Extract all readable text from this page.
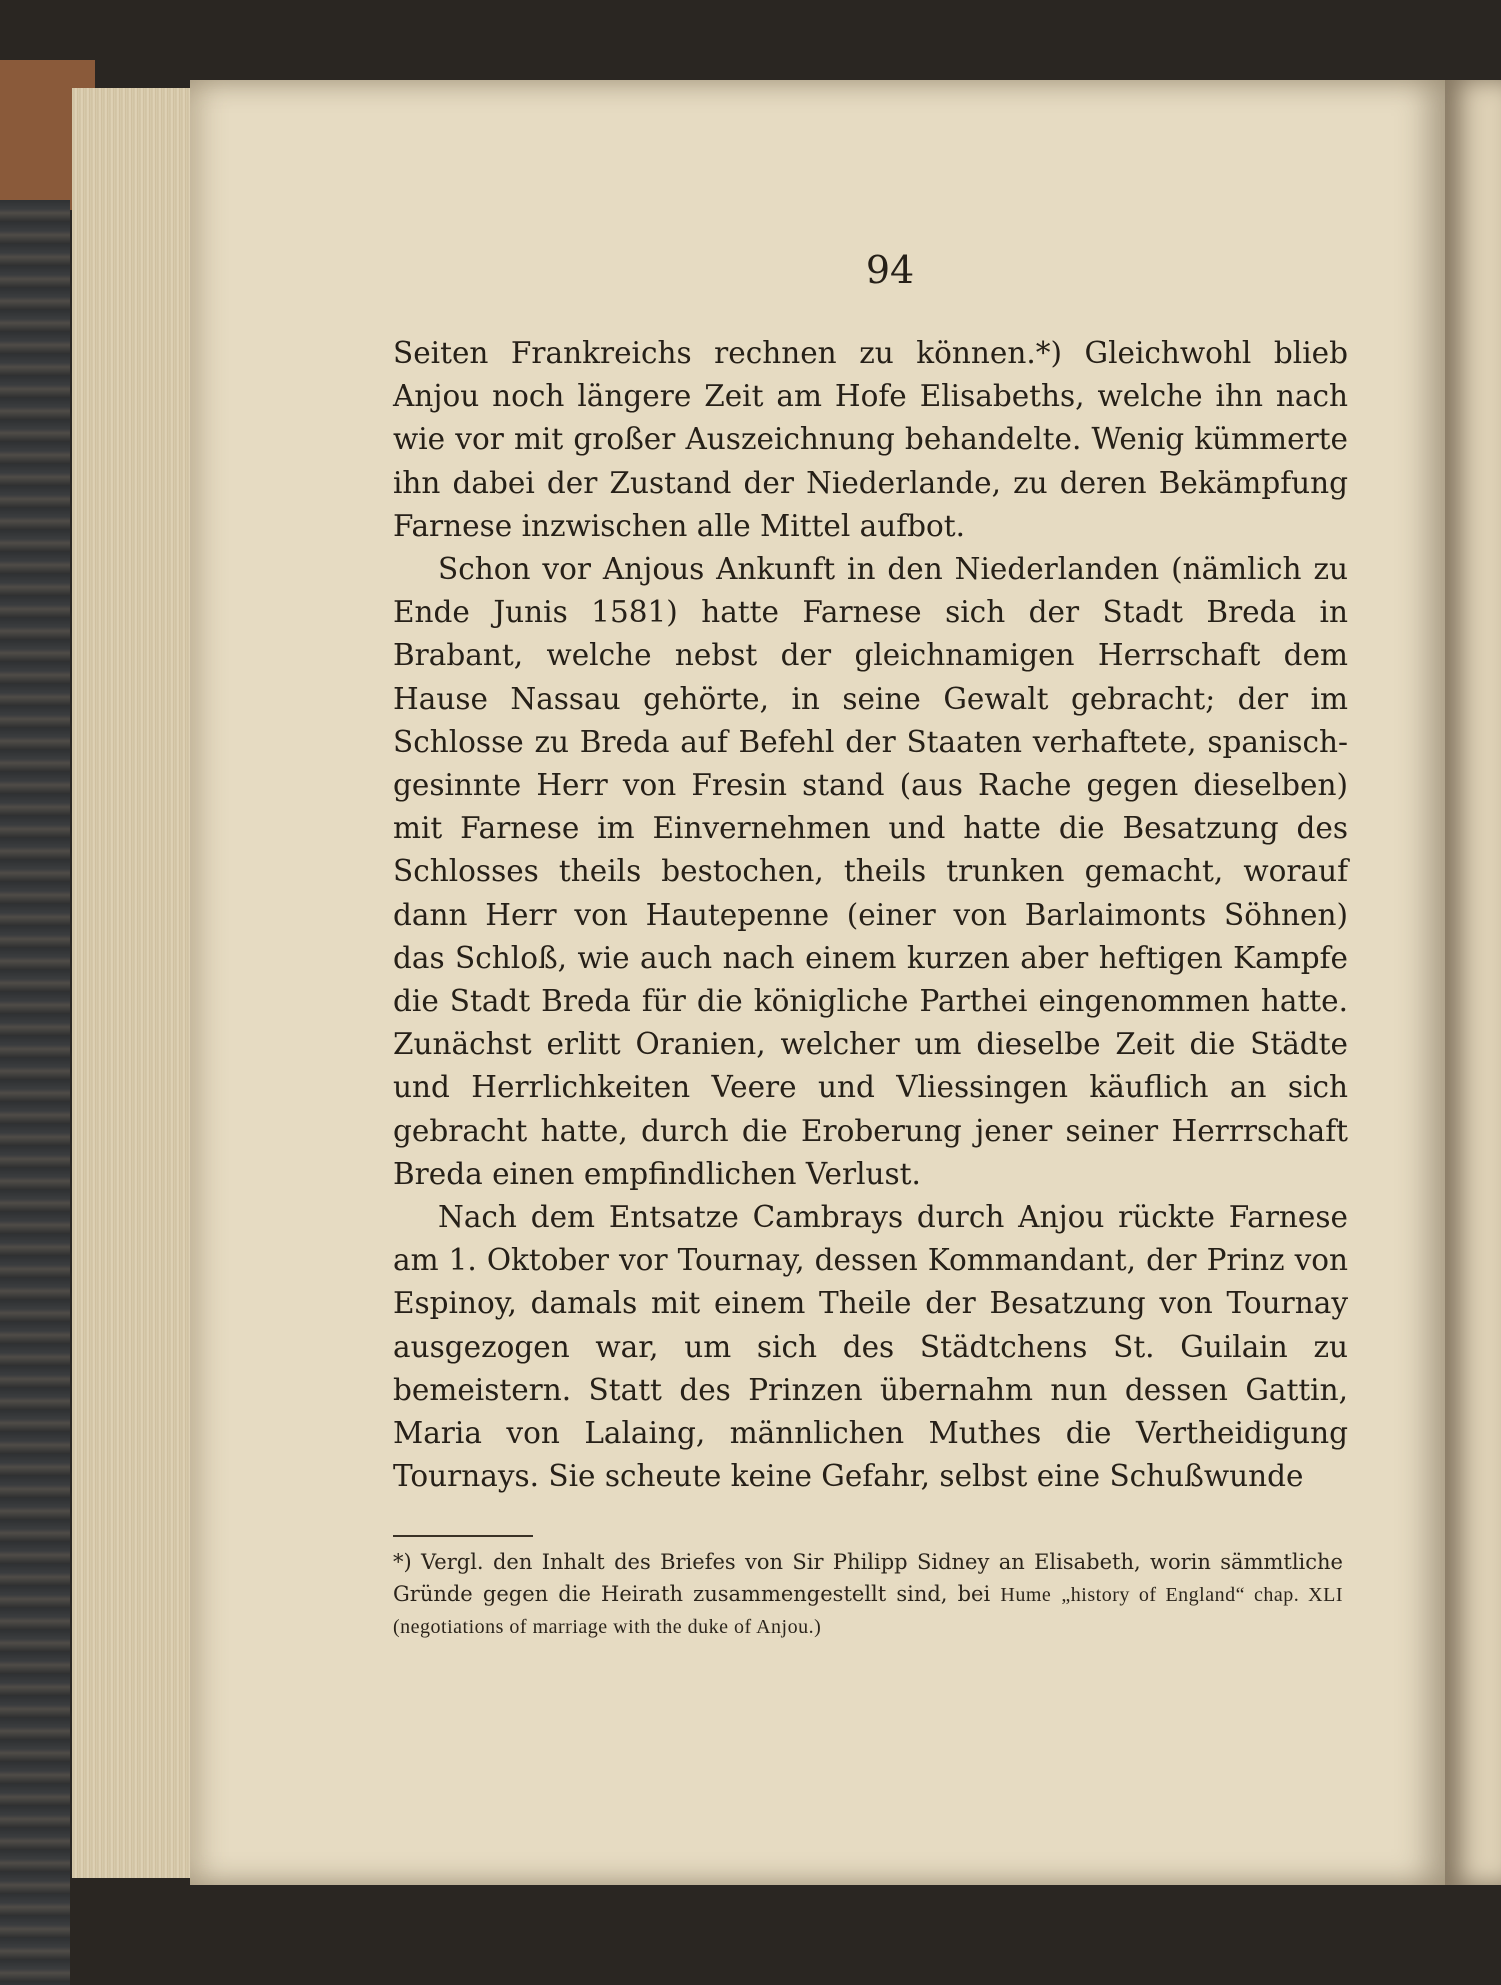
94

Seiten Frankreichs rechnen zu können.*) Gleichwohl blieb Anjou noch längere Zeit am Hofe Elisabeths, welche ihn nach wie vor mit großer Auszeichnung behandelte. Wenig kümmerte ihn dabei der Zustand der Niederlande, zu deren Bekämpfung Farnese inzwischen alle Mittel aufbot.

Schon vor Anjous Ankunft in den Niederlanden (nämlich zu Ende Junis 1581) hatte Farnese sich der Stadt Breda in Brabant, welche nebst der gleichnamigen Herrschaft dem Hause Nassau gehörte, in seine Gewalt gebracht; der im Schlosse zu Breda auf Befehl der Staaten verhaftete, spanisch-gesinnte Herr von Fresin stand (aus Rache gegen dieselben) mit Farnese im Einvernehmen und hatte die Besatzung des Schlosses theils bestochen, theils trunken gemacht, worauf dann Herr von Hautepenne (einer von Barlaimonts Söhnen) das Schloß, wie auch nach einem kurzen aber heftigen Kampfe die Stadt Breda für die königliche Parthei eingenommen hatte. Zunächst erlitt Oranien, welcher um dieselbe Zeit die Städte und Herrlichkeiten Veere und Vliessingen käuflich an sich gebracht hatte, durch die Eroberung jener seiner Herrrschaft Breda einen empfindlichen Verlust.

Nach dem Entsatze Cambrays durch Anjou rückte Farnese am 1. Oktober vor Tournay, dessen Kommandant, der Prinz von Espinoy, damals mit einem Theile der Besatzung von Tournay ausgezogen war, um sich des Städtchens St. Guilain zu bemeistern. Statt des Prinzen übernahm nun dessen Gattin, Maria von Lalaing, männlichen Muthes die Vertheidigung Tournays. Sie scheute keine Gefahr, selbst eine Schußwunde

*) Vergl. den Inhalt des Briefes von Sir Philipp Sidney an Elisabeth, worin sämmtliche Gründe gegen die Heirath zusammengestellt sind, bei Hume „history of England“ chap. XLI (negotiations of marriage with the duke of Anjou.)
